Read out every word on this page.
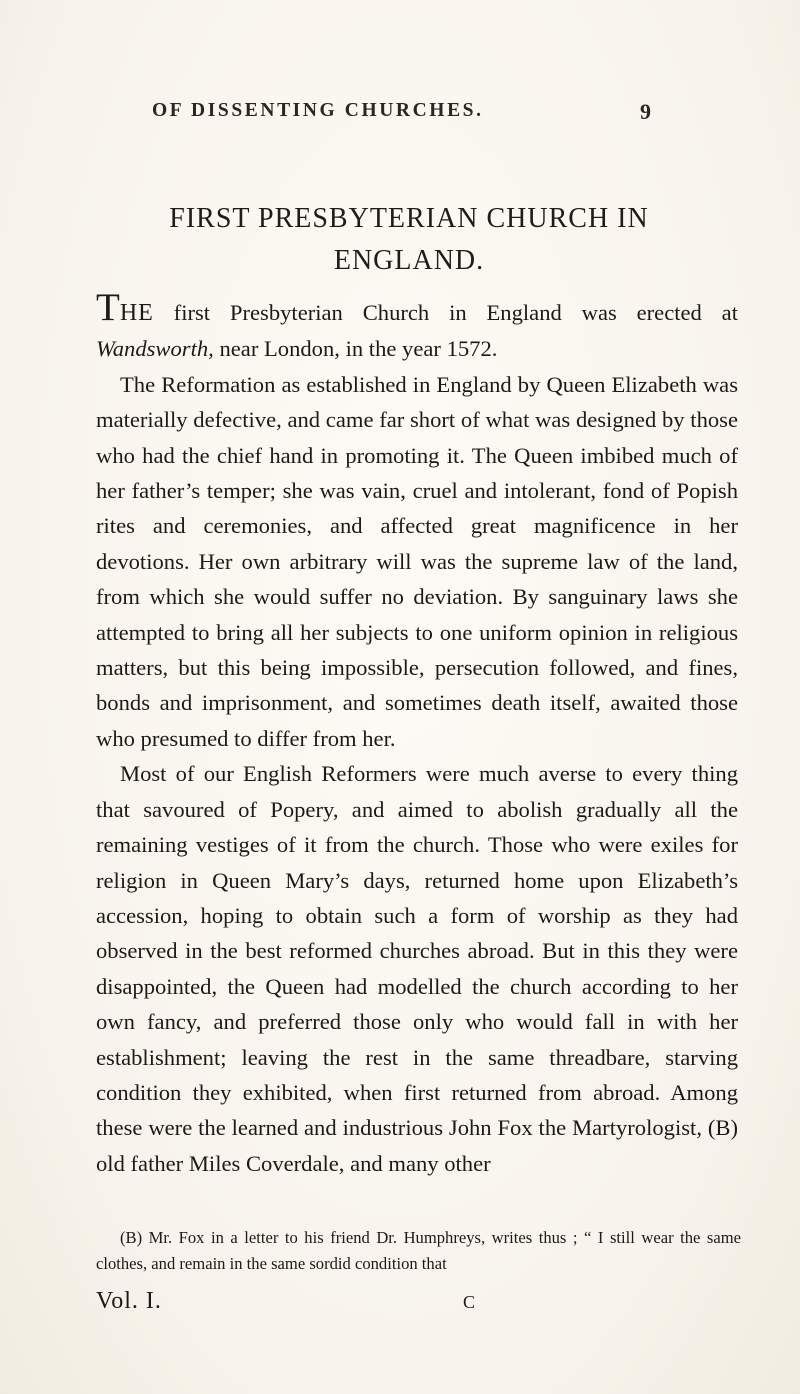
OF DISSENTING CHURCHES.	9
FIRST PRESBYTERIAN CHURCH IN
ENGLAND.

THE first Presbyterian Church in England was erected at Wandsworth, near London, in the year 1572.

The Reformation as established in England by Queen Elizabeth was materially defective, and came far short of what was designed by those who had the chief hand in promoting it. The Queen imbibed much of her father’s temper; she was vain, cruel and intolerant, fond of Popish rites and ceremonies, and affected great magnificence in her devotions. Her own arbitrary will was the supreme law of the land, from which she would suffer no deviation. By sanguinary laws she attempted to bring all her subjects to one uniform opinion in religious matters, but this being impossible, persecution followed, and fines, bonds and imprisonment, and sometimes death itself, awaited those who presumed to differ from her.

Most of our English Reformers were much averse to every thing that savoured of Popery, and aimed to abolish gradually all the remaining vestiges of it from the church. Those who were exiles for religion in Queen Mary’s days, returned home upon Elizabeth’s accession, hoping to obtain such a form of worship as they had observed in the best reformed churches abroad. But in this they were disappointed, the Queen had modelled the church according to her own fancy, and preferred those only who would fall in with her establishment; leaving the rest in the same threadbare, starving condition they exhibited, when first returned from abroad. Among these were the learned and industrious John Fox the Martyrologist, (B) old father Miles Coverdale, and many other

(B) Mr. Fox in a letter to his friend Dr. Humphreys, writes thus ; “ I still wear the same clothes, and remain in the same sordid condition that
Vol. I.	C
